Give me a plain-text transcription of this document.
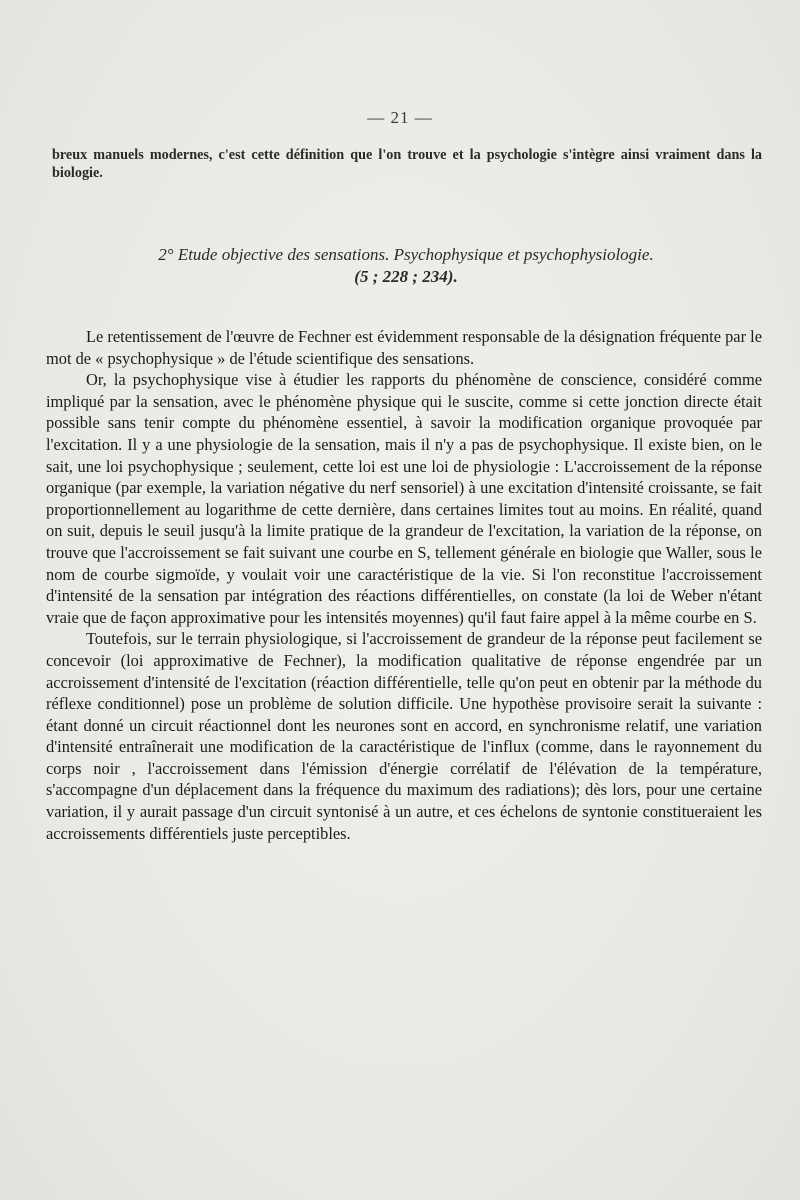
— 21 —
breux manuels modernes, c'est cette définition que l'on trouve et la psychologie s'intègre ainsi vraiment dans la biologie.
2° Etude objective des sensations. Psychophysique et psychophysiologie.
(5 ; 228 ; 234).

Le retentissement de l'œuvre de Fechner est évidemment responsable de la désignation fréquente par le mot de « psychophysique » de l'étude scientifique des sensations.

Or, la psychophysique vise à étudier les rapports du phénomène de conscience, considéré comme impliqué par la sensation, avec le phénomène physique qui le suscite, comme si cette jonction directe était possible sans tenir compte du phénomène essentiel, à savoir la modification organique provoquée par l'excitation. Il y a une physiologie de la sensation, mais il n'y a pas de psychophysique. Il existe bien, on le sait, une loi psychophysique ; seulement, cette loi est une loi de physiologie : L'accroissement de la réponse organique (par exemple, la variation négative du nerf sensoriel) à une excitation d'intensité croissante, se fait proportionnellement au logarithme de cette dernière, dans certaines limites tout au moins. En réalité, quand on suit, depuis le seuil jusqu'à la limite pratique de la grandeur de l'excitation, la variation de la réponse, on trouve que l'accroissement se fait suivant une courbe en S, tellement générale en biologie que Waller, sous le nom de courbe sigmoïde, y voulait voir une caractéristique de la vie. Si l'on reconstitue l'accroissement d'intensité de la sensation par intégration des réactions différentielles, on constate (la loi de Weber n'étant vraie que de façon approximative pour les intensités moyennes) qu'il faut faire appel à la même courbe en S.

Toutefois, sur le terrain physiologique, si l'accroissement de grandeur de la réponse peut facilement se concevoir (loi approximative de Fechner), la modification qualitative de réponse engendrée par un accroissement d'intensité de l'excitation (réaction différentielle, telle qu'on peut en obtenir par la méthode du réflexe conditionnel) pose un problème de solution difficile. Une hypothèse provisoire serait la suivante : étant donné un circuit réactionnel dont les neurones sont en accord, en synchronisme relatif, une variation d'intensité entraînerait une modification de la caractéristique de l'influx (comme, dans le rayonnement du corps noir , l'accroissement dans l'émission d'énergie corrélatif de l'élévation de la température, s'accompagne d'un déplacement dans la fréquence du maximum des radiations); dès lors, pour une certaine variation, il y aurait passage d'un circuit syntonisé à un autre, et ces échelons de syntonie constitueraient les accroissements différentiels juste perceptibles.
